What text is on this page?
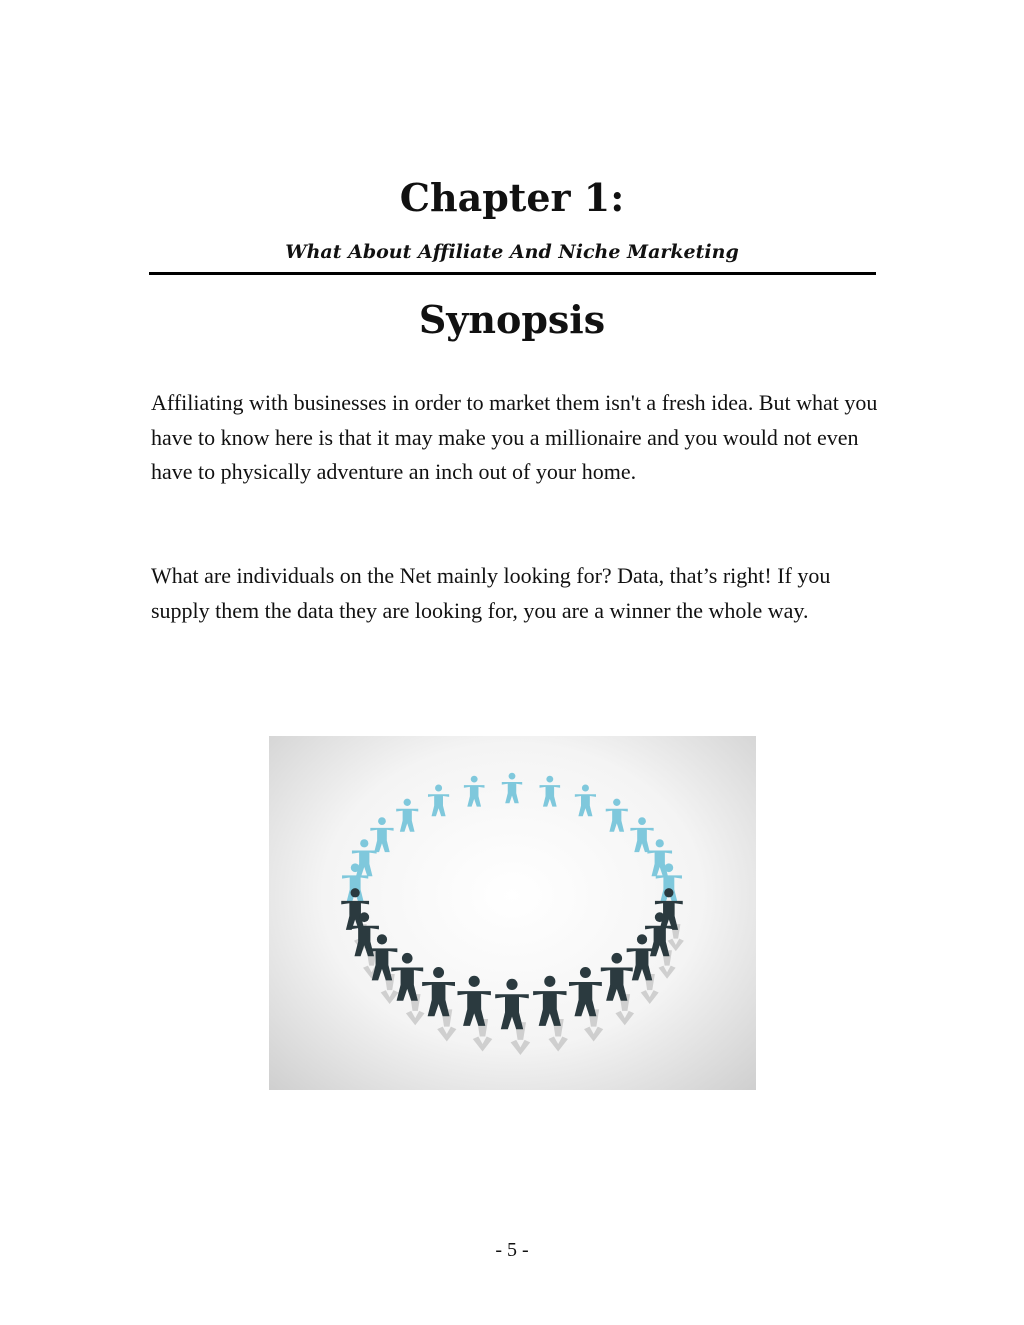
Chapter 1:
What About Affiliate And Niche Marketing
Synopsis

Affiliating with businesses in order to market them isn't a fresh idea. But what you have to know here is that it may make you a millionaire and you would not even have to physically adventure an inch out of your home.

What are individuals on the Net mainly looking for? Data, that’s right! If you supply them the data they are looking for, you are a winner the whole way.

- 5 -
